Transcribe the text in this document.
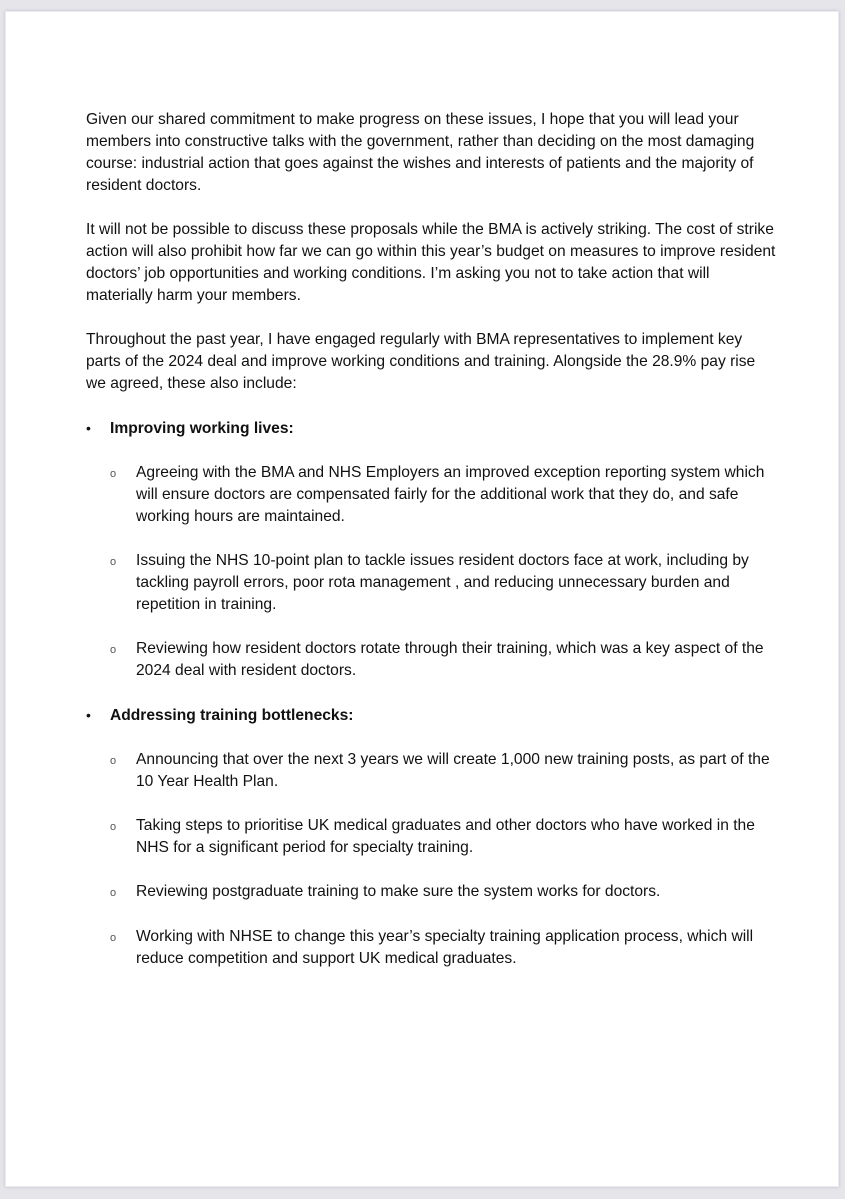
Given our shared commitment to make progress on these issues, I hope that you will lead your members into constructive talks with the government, rather than deciding on the most damaging course: industrial action that goes against the wishes and interests of patients and the majority of resident doctors.

It will not be possible to discuss these proposals while the BMA is actively striking. The cost of strike action will also prohibit how far we can go within this year’s budget on measures to improve resident doctors’ job opportunities and working conditions. I’m asking you not to take action that will materially harm your members.

Throughout the past year, I have engaged regularly with BMA representatives to implement key parts of the 2024 deal and improve working conditions and training. Alongside the 28.9% pay rise we agreed, these also include:

•	Improving working lives:
o	Agreeing with the BMA and NHS Employers an improved exception reporting system which will ensure doctors are compensated fairly for the additional work that they do, and safe working hours are maintained.
o	Issuing the NHS 10-point plan to tackle issues resident doctors face at work, including by tackling payroll errors, poor rota management , and reducing unnecessary burden and repetition in training.
o	Reviewing how resident doctors rotate through their training, which was a key aspect of the 2024 deal with resident doctors.
•	Addressing training bottlenecks:
o	Announcing that over the next 3 years we will create 1,000 new training posts, as part of the 10 Year Health Plan.
o	Taking steps to prioritise UK medical graduates and other doctors who have worked in the NHS for a significant period for specialty training.
o	Reviewing postgraduate training to make sure the system works for doctors.
o	Working with NHSE to change this year’s specialty training application process, which will reduce competition and support UK medical graduates.
